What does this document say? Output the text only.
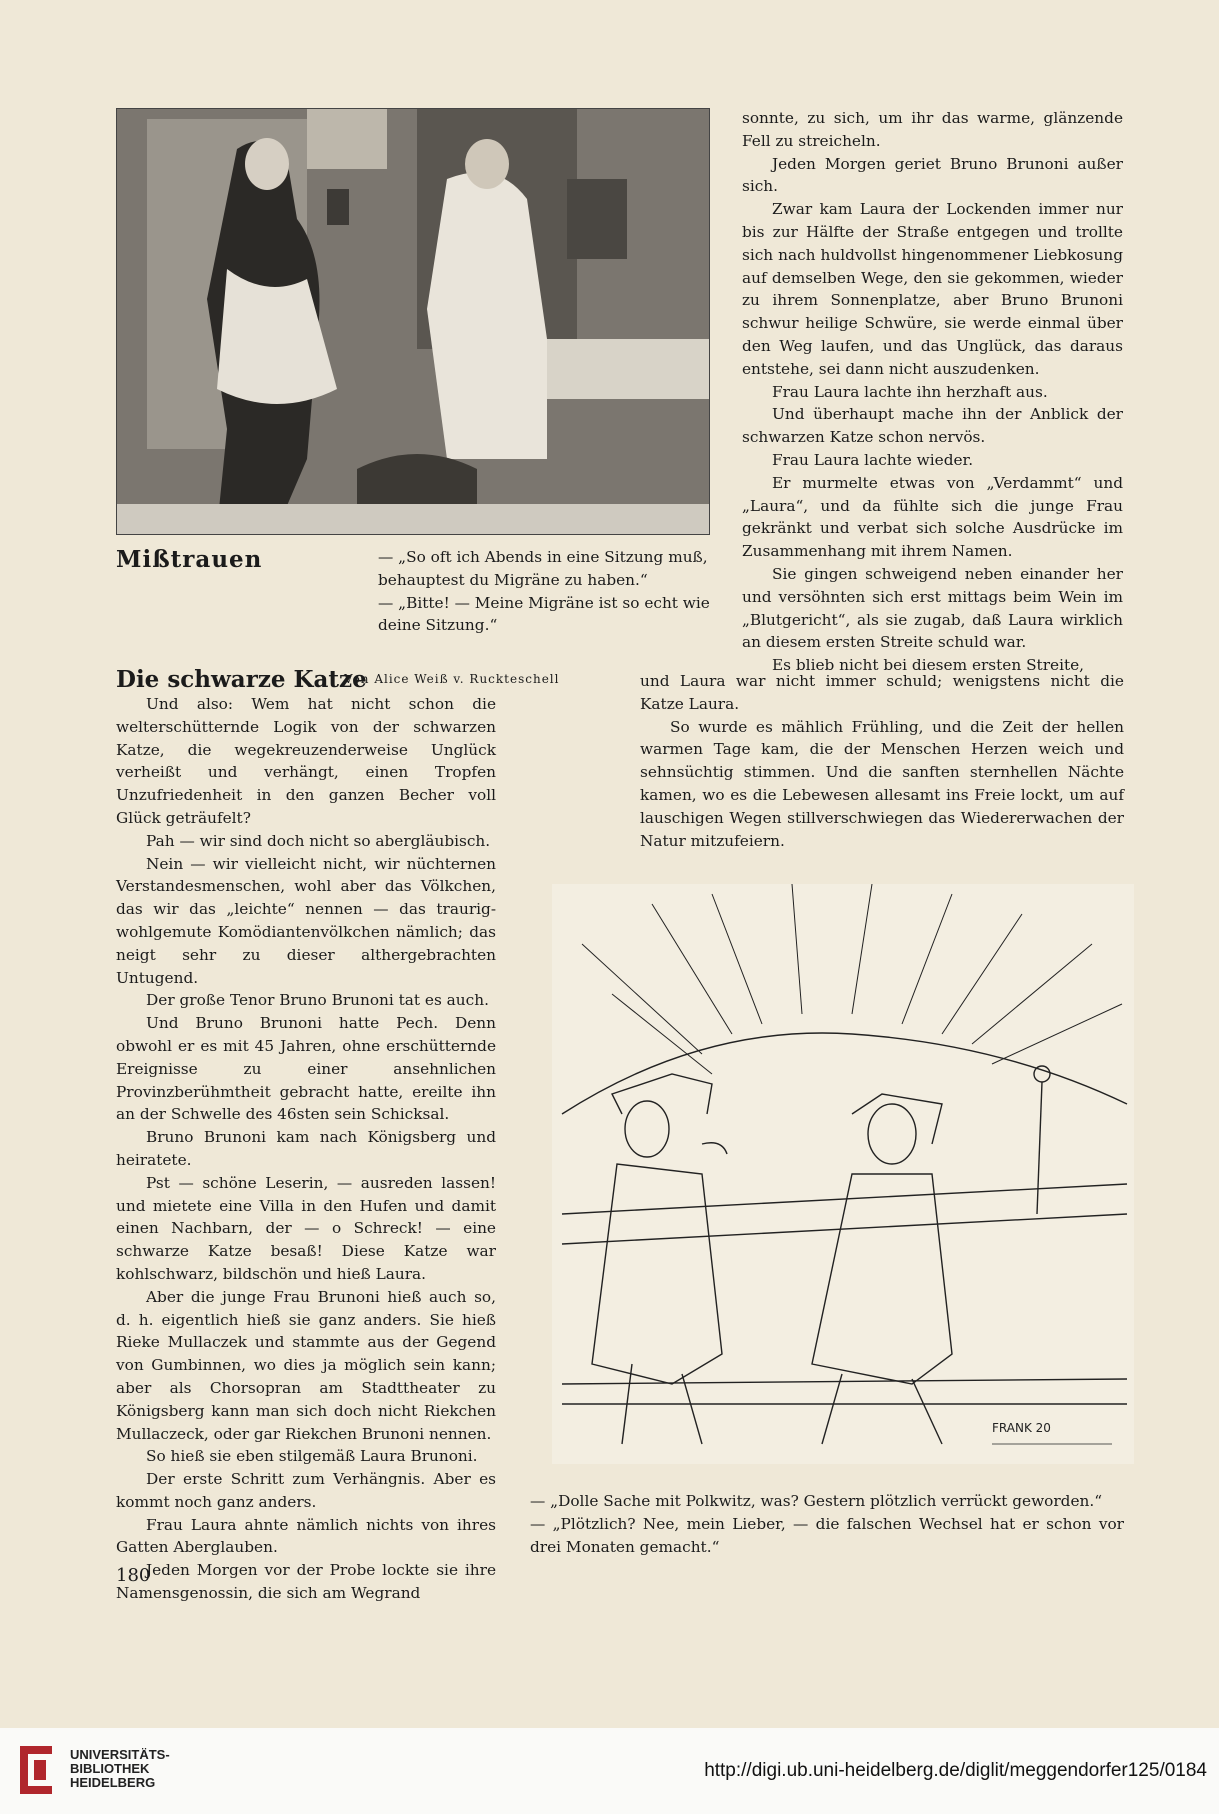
Mißtrauen	— „So oft ich Abends in eine Sitzung muß, behauptest du Migräne zu haben.“

— „Bitte! — Meine Migräne ist so echt wie deine Sitzung.“

sonnte, zu sich, um ihr das warme, glänzende Fell zu streicheln.

Jeden Morgen geriet Bruno Brunoni außer sich.

Zwar kam Laura der Lockenden immer nur bis zur Hälfte der Straße entgegen und trollte sich nach huldvollst hingenommener Liebkosung auf demselben Wege, den sie gekommen, wieder zu ihrem Sonnenplatze, aber Bruno Brunoni schwur heilige Schwüre, sie werde einmal über den Weg laufen, und das Unglück, das daraus entstehe, sei dann nicht auszudenken.

Frau Laura lachte ihn herzhaft aus.

Und überhaupt mache ihn der Anblick der schwarzen Katze schon nervös.

Frau Laura lachte wieder.

Er murmelte etwas von „Verdammt“ und „Laura“, und da fühlte sich die junge Frau gekränkt und verbat sich solche Ausdrücke im Zusammenhang mit ihrem Namen.

Sie gingen schweigend neben einander her und versöhnten sich erst mittags beim Wein im „Blutgericht“, als sie zugab, daß Laura wirklich an diesem ersten Streite schuld war.

Es blieb nicht bei diesem ersten Streite,

Die schwarze Katze
Von Alice Weiß v. Ruckteschell	und Laura war nicht immer schuld; wenigstens nicht die Katze Laura.

So wurde es mählich Frühling, und die Zeit der hellen warmen Tage kam, die der Menschen Herzen weich und sehnsüchtig stimmen. Und die sanften sternhellen Nächte kamen, wo es die Lebewesen allesamt ins Freie lockt, um auf lauschigen Wegen stillverschwiegen das Wiedererwachen der Natur mitzufeiern.

Und also: Wem hat nicht schon die welterschütternde Logik von der schwarzen Katze, die wegekreuzenderweise Unglück verheißt und verhängt, einen Tropfen Unzufriedenheit in den ganzen Becher voll Glück geträufelt?

Pah — wir sind doch nicht so abergläubisch.

Nein — wir vielleicht nicht, wir nüchternen Verstandesmenschen, wohl aber das Völkchen, das wir das „leichte“ nennen — das traurig-wohlgemute Komödiantenvölkchen nämlich; das neigt sehr zu dieser althergebrachten Untugend.

Der große Tenor Bruno Brunoni tat es auch.

Und Bruno Brunoni hatte Pech. Denn obwohl er es mit 45 Jahren, ohne erschütternde Ereignisse zu einer ansehnlichen Provinzberühmtheit gebracht hatte, ereilte ihn an der Schwelle des 46sten sein Schicksal.

Bruno Brunoni kam nach Königsberg und heiratete.

Pst — schöne Leserin, — ausreden lassen! und mietete eine Villa in den Hufen und damit einen Nachbarn, der — o Schreck! — eine schwarze Katze besaß! Diese Katze war kohlschwarz, bildschön und hieß Laura.

Aber die junge Frau Brunoni hieß auch so, d. h. eigentlich hieß sie ganz anders. Sie hieß Rieke Mullaczek und stammte aus der Gegend von Gumbinnen, wo dies ja möglich sein kann; aber als Chorsopran am Stadttheater zu Königsberg kann man sich doch nicht Riekchen Mullaczeck, oder gar Riekchen Brunoni nennen.

So hieß sie eben stilgemäß Laura Brunoni.

Der erste Schritt zum Verhängnis. Aber es kommt noch ganz anders.

Frau Laura ahnte nämlich nichts von ihres Gatten Aberglauben.

Jeden Morgen vor der Probe lockte sie ihre Namensgenossin, die sich am Wegrand

FRANK 20

— „Dolle Sache mit Polkwitz, was? Gestern plötzlich verrückt geworden.“

— „Plötzlich? Nee, mein Lieber, — die falschen Wechsel hat er schon vor drei Monaten gemacht.“

180
UNIVERSITÄTS-
BIBLIOTHEK
HEIDELBERG
http://digi.ub.uni-heidelberg.de/diglit/meggendorfer125/0184
